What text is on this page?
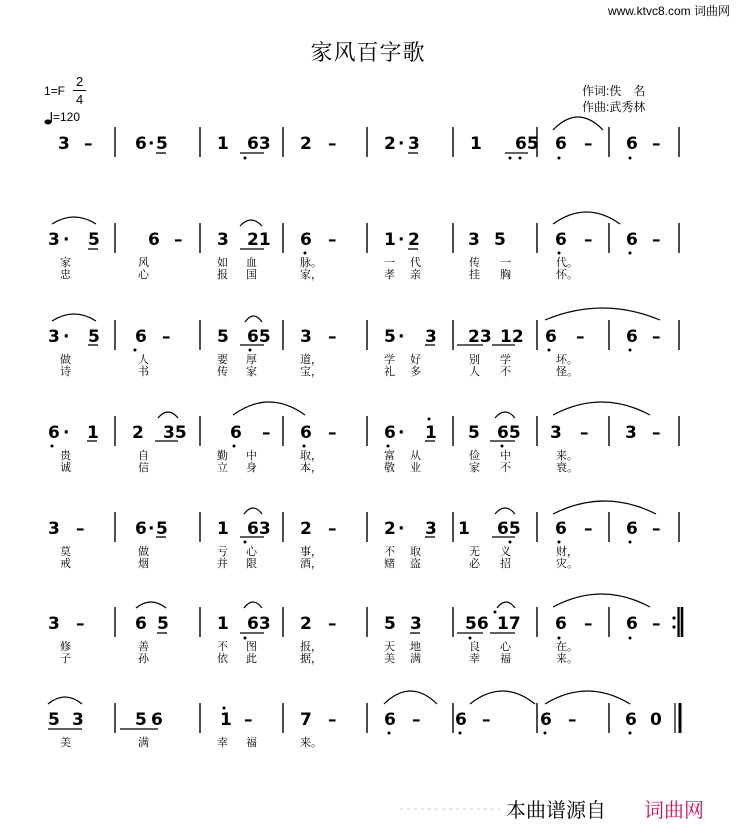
www.ktvc8.com 词曲网
家风百字歌
1=F
2
4
=120
作词:佚　名
作曲:武秀林
3 –	6 · 5	1 63 2 –	2 · 3	1 65 6 – 6 –
3 · 5	6 – 3 21 6 –	1 · 2	3 5	6 – 6 –
家	风	如 血	脉。	一 代	传 一	代。
忠	心	报 国	家，	孝 亲	挂 胸	怀。
3 · 5 6 –	5 65 3 –	5 · 3 23 12 6 – 6 –
做	人	要 厚	道，	学 好	别 学	坏。
诗	书	传 家	宝，	礼 多	人 不	怪。
6 · 1 2 35	6 – 6 –	6 · 1 5 65 3 – 3 –
贵	自	勤 中	取，	富 从	俭 中	来。
诚	信	立 身	本，	敬 业	家 不	衰。
3 –	6 · 5	1 63 2 –	2 · 3 1 65 6 – 6 –
莫	做	亏 心	事，	不 取	无 义	财，
戒	烟	并 限	酒，	赌 盗	必 招	灾。
3 –	6 5	1 63 2 –	5 3	56 17 6 – 6 –
修	善	不 图	报，	天 地	良 心	在。
子	孙	依 此	据，	美 满	幸 福	来。
5 3	5 6	1 –	7 –	6 – 6 –	6 –	6 0
美	满	幸 福	来。
本曲谱源自 词曲网
